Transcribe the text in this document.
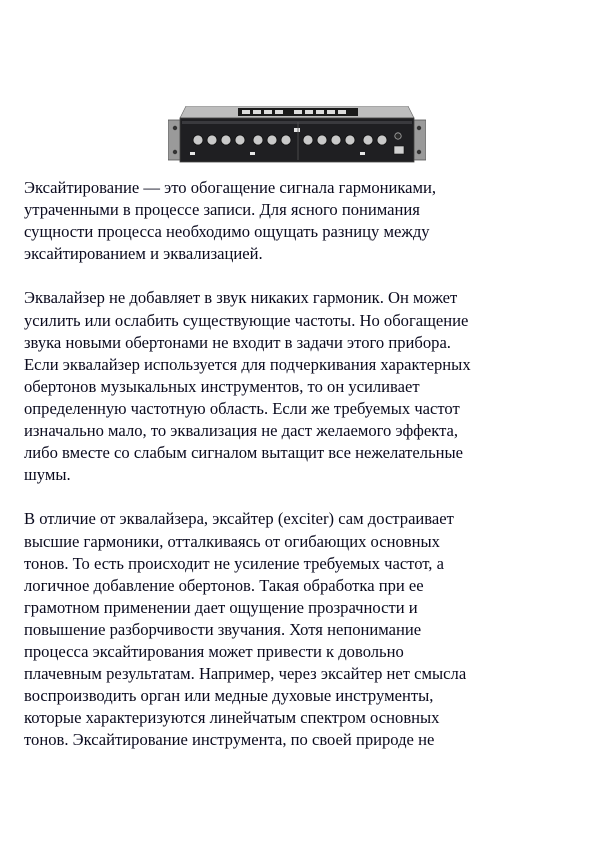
Эксайтирование — это обогащение сигнала гармониками,
утраченными в процессе записи. Для ясного понимания
сущности процесса необходимо ощущать разницу между
эксайтированием и эквализацией.

Эквалайзер не добавляет в звук никаких гармоник. Он может
усилить или ослабить существующие частоты. Но обогащение
звука новыми обертонами не входит в задачи этого прибора.
Если эквалайзер используется для подчеркивания характерных
обертонов музыкальных инструментов, то он усиливает
определенную частотную область. Если же требуемых частот
изначально мало, то эквализация не даст желаемого эффекта,
либо вместе со слабым сигналом вытащит все нежелательные
шумы.

В отличие от эквалайзера, эксайтер (exciter) сам достраивает
высшие гармоники, отталкиваясь от огибающих основных
тонов. То есть происходит не усиление требуемых частот, а
логичное добавление обертонов. Такая обработка при ее
грамотном применении дает ощущение прозрачности и
повышение разборчивости звучания. Хотя непонимание
процесса эксайтирования может привести к довольно
плачевным результатам. Например, через эксайтер нет смысла
воспроизводить орган или медные духовые инструменты,
которые характеризуются линейчатым спектром основных
тонов. Эксайтирование инструмента, по своей природе не
